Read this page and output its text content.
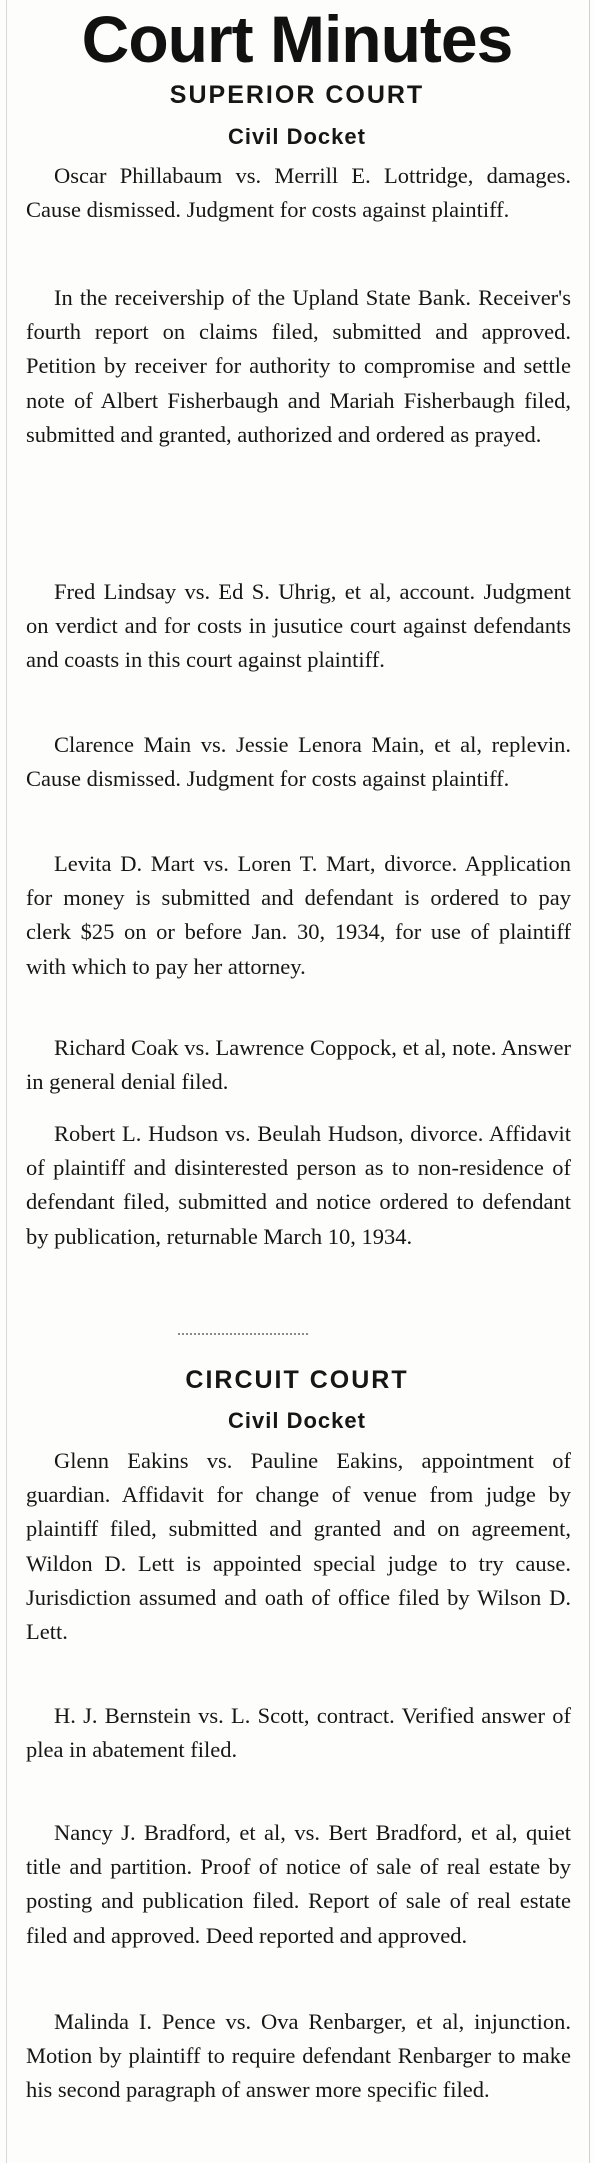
Court Minutes
SUPERIOR COURT
Civil Docket

Oscar Phillabaum vs. Merrill E. Lottridge, damages. Cause dismissed. Judgment for costs against plaintiff.

In the receivership of the Upland State Bank. Receiver's fourth report on claims filed, submitted and approved. Petition by receiver for authority to compromise and settle note of Albert Fisherbaugh and Mariah Fisherbaugh filed, submitted and granted, authorized and ordered as prayed.

Fred Lindsay vs. Ed S. Uhrig, et al, account. Judgment on verdict and for costs in jusutice court against defendants and coasts in this court against plaintiff.

Clarence Main vs. Jessie Lenora Main, et al, replevin. Cause dismissed. Judgment for costs against plaintiff.

Levita D. Mart vs. Loren T. Mart, divorce. Application for money is submitted and defendant is ordered to pay clerk $25 on or before Jan. 30, 1934, for use of plaintiff with which to pay her attorney.

Richard Coak vs. Lawrence Coppock, et al, note. Answer in general denial filed.

Robert L. Hudson vs. Beulah Hudson, divorce. Affidavit of plaintiff and disinterested person as to non-residence of defendant filed, submitted and notice ordered to defendant by publication, returnable March 10, 1934.

CIRCUIT COURT
Civil Docket

Glenn Eakins vs. Pauline Eakins, appointment of guardian. Affidavit for change of venue from judge by plaintiff filed, submitted and granted and on agreement, Wildon D. Lett is appointed special judge to try cause. Jurisdiction assumed and oath of office filed by Wilson D. Lett.

H. J. Bernstein vs. L. Scott, contract. Verified answer of plea in abatement filed.

Nancy J. Bradford, et al, vs. Bert Bradford, et al, quiet title and partition. Proof of notice of sale of real estate by posting and publication filed. Report of sale of real estate filed and approved. Deed reported and approved.

Malinda I. Pence vs. Ova Renbarger, et al, injunction. Motion by plaintiff to require defendant Renbarger to make his second paragraph of answer more specific filed.
